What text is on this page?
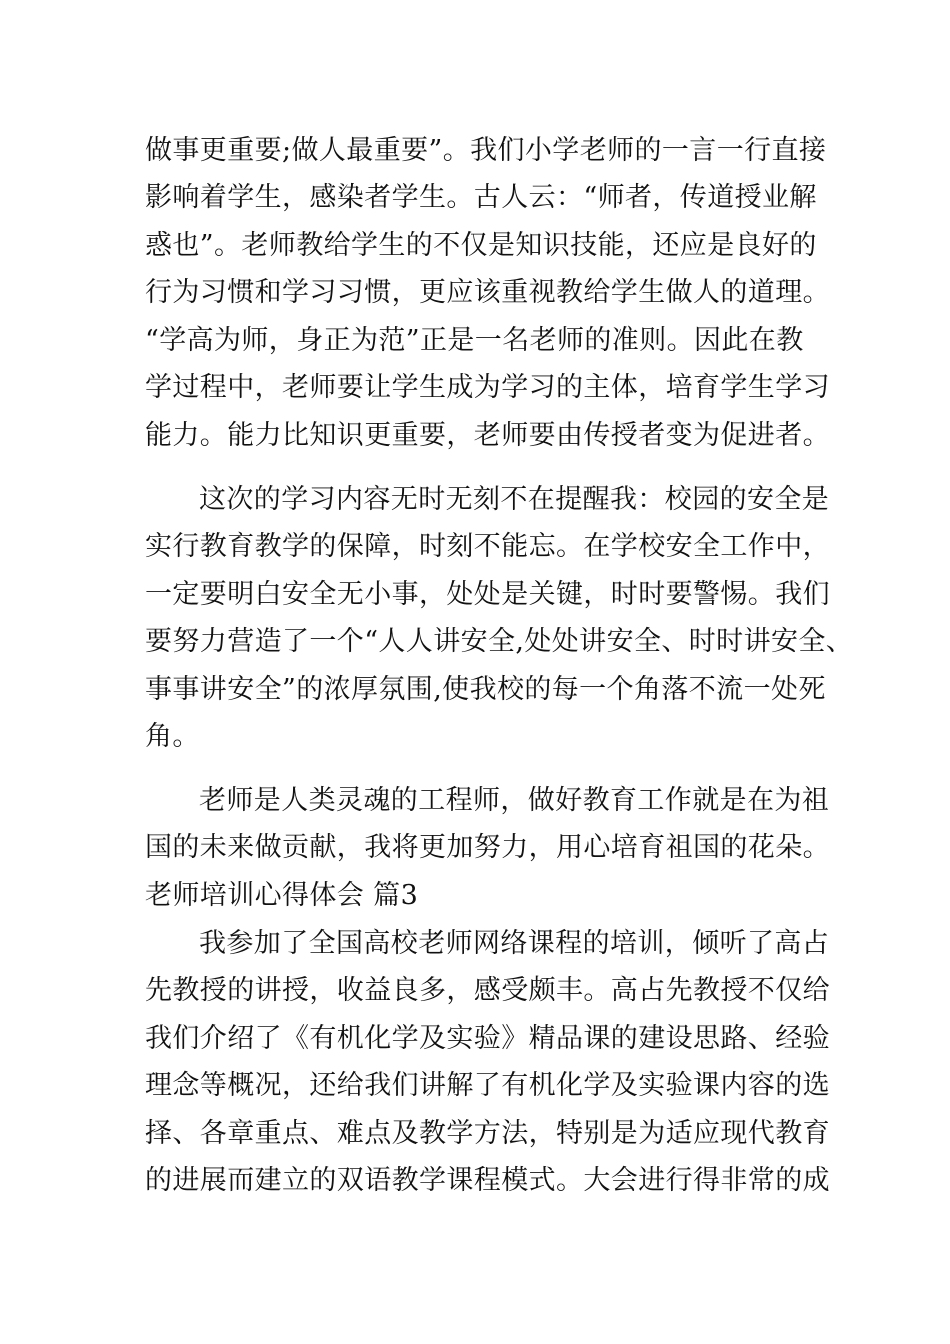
做事更重要;做人最重要”。我们小学老师的一言一行直接

影响着学生，感染者学生。古人云：“师者，传道授业解

惑也”。老师教给学生的不仅是知识技能，还应是良好的

行为习惯和学习习惯，更应该重视教给学生做人的道理。

“学高为师，身正为范”正是一名老师的准则。因此在教

学过程中，老师要让学生成为学习的主体，培育学生学习

能力。能力比知识更重要，老师要由传授者变为促进者。

这次的学习内容无时无刻不在提醒我：校园的安全是

实行教育教学的保障，时刻不能忘。在学校安全工作中，

一定要明白安全无小事，处处是关键，时时要警惕。我们

要努力营造了一个“人人讲安全,处处讲安全、时时讲安全、

事事讲安全”的浓厚氛围,使我校的每一个角落不流一处死

角。

老师是人类灵魂的工程师，做好教育工作就是在为祖

国的未来做贡献，我将更加努力，用心培育祖国的花朵。

老师培训心得体会 篇3

我参加了全国高校老师网络课程的培训，倾听了高占

先教授的讲授，收益良多，感受颇丰。高占先教授不仅给

我们介绍了《有机化学及实验》精品课的建设思路、经验

理念等概况，还给我们讲解了有机化学及实验课内容的选

择、各章重点、难点及教学方法，特别是为适应现代教育

的进展而建立的双语教学课程模式。大会进行得非常的成
